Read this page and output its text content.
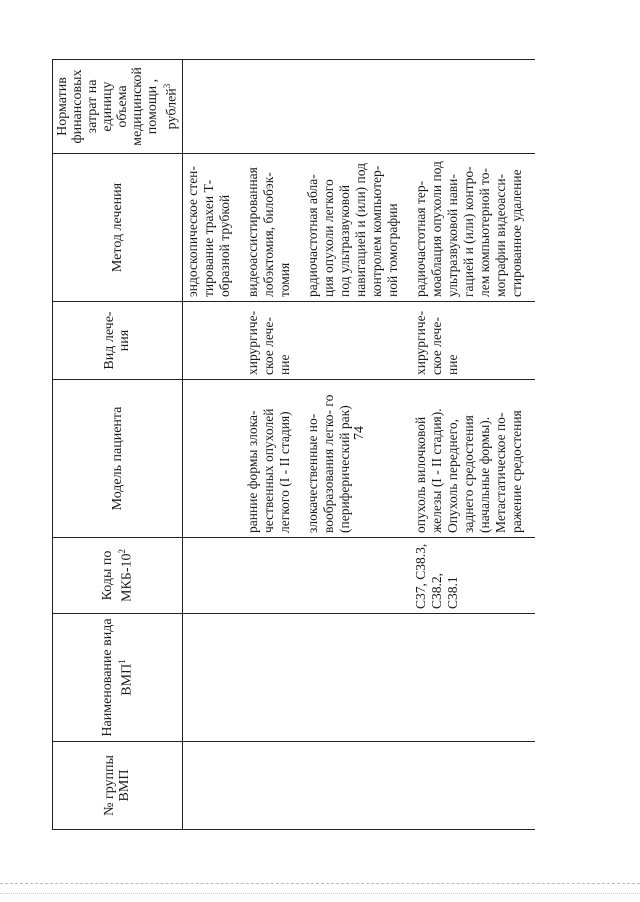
74
№ группы ВМП	Наименование вида ВМП$^1$	Коды по МКБ-$10^2$	Модель пациента	Вид лече- ния	Метод лечения	Норматив финансовых затрат на единицу объема медицинской помощи , рублей$^3$

					эндоскопическое стен- тирование трахеи Т- образной трубкой	

			ранние формы злока- чественных опухолей легкого (I - II стадия)	хирургиче- ское лече- ние	видеоассистированная лобэктомия, билобэк- томия	

			злокачественные но- вообразования легко- го (периферический рак)		радиочастотная абла- ция опухоли легкого под ультразвуковой навигацией и (или) под контролем компьютер- ной томографии	

		C37, C38.3, C38.2, C38.1	опухоль вилочковой железы (I - II стадия). Опухоль переднего, заднего средостения (начальные формы). Метастатическое по- ражение средостения	хирургиче- ское лече- ние	радиочастотная тер- моаблация опухоли под ультразвуковой нави- гацией и (или) контро- лем компьютерной то- мографии видеоасси- стированное удаление	
